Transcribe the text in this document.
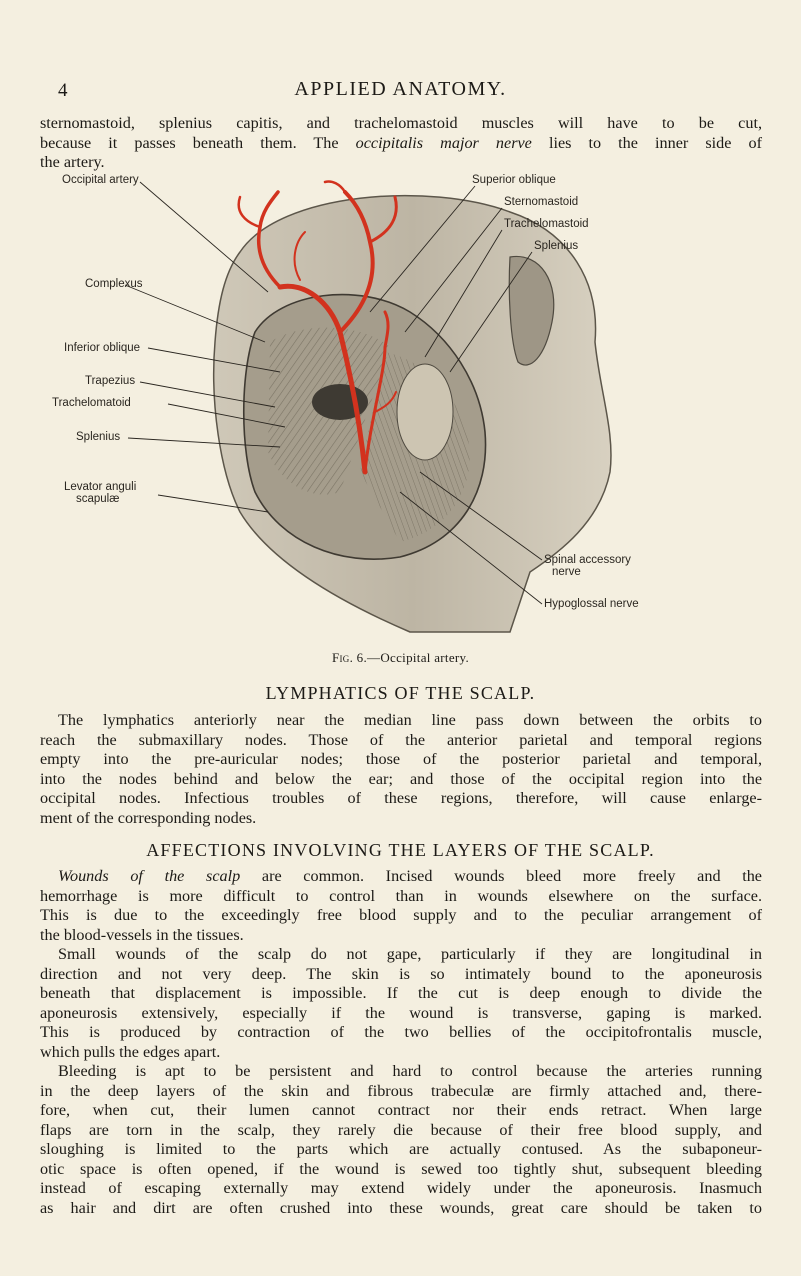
4	APPLIED ANATOMY.
sternomastoid, splenius capitis, and trachelomastoid muscles will have to be cut,
because it passes beneath them. The occipitalis major nerve lies to the inner side of
the artery.
Occipital artery
Complexus
Inferior oblique
Trapezius
Trachelomatoid
Splenius
Levator anguli
scapulæ
Superior oblique
Sternomastoid
Trachelomastoid
Splenius
Spinal accessory
nerve
Hypoglossal nerve
Fig. 6.—Occipital artery.
LYMPHATICS OF THE SCALP.
The lymphatics anteriorly near the median line pass down between the orbits to
reach the submaxillary nodes. Those of the anterior parietal and temporal regions
empty into the pre-auricular nodes; those of the posterior parietal and temporal,
into the nodes behind and below the ear; and those of the occipital region into the
occipital nodes. Infectious troubles of these regions, therefore, will cause enlarge-
ment of the corresponding nodes.
AFFECTIONS INVOLVING THE LAYERS OF THE SCALP.
Wounds of the scalp are common. Incised wounds bleed more freely and the
hemorrhage is more difficult to control than in wounds elsewhere on the surface.
This is due to the exceedingly free blood supply and to the peculiar arrangement of
the blood-vessels in the tissues.
Small wounds of the scalp do not gape, particularly if they are longitudinal in
direction and not very deep. The skin is so intimately bound to the aponeurosis
beneath that displacement is impossible. If the cut is deep enough to divide the
aponeurosis extensively, especially if the wound is transverse, gaping is marked.
This is produced by contraction of the two bellies of the occipitofrontalis muscle,
which pulls the edges apart.
Bleeding is apt to be persistent and hard to control because the arteries running
in the deep layers of the skin and fibrous trabeculæ are firmly attached and, there-
fore, when cut, their lumen cannot contract nor their ends retract. When large
flaps are torn in the scalp, they rarely die because of their free blood supply, and
sloughing is limited to the parts which are actually contused. As the subaponeur-
otic space is often opened, if the wound is sewed too tightly shut, subsequent bleeding
instead of escaping externally may extend widely under the aponeurosis. Inasmuch
as hair and dirt are often crushed into these wounds, great care should be taken to
